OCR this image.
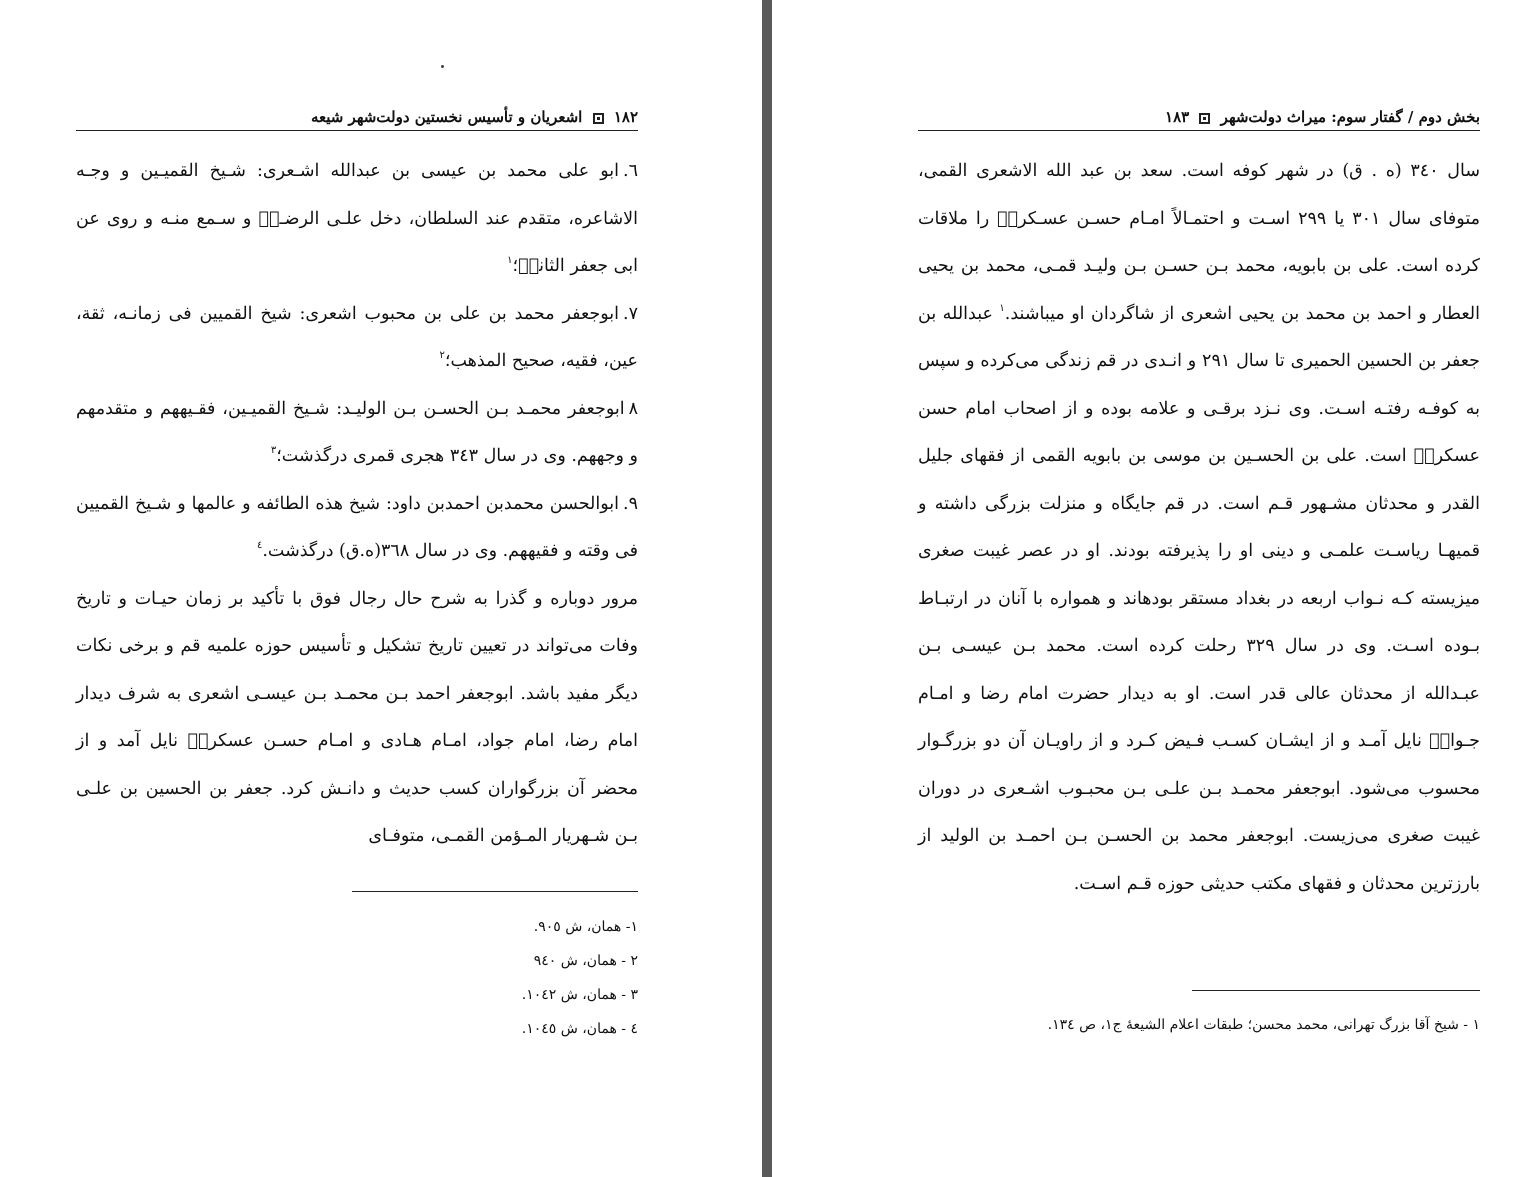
١٨٢  اشعریان و تأسیس نخستین دولت‌شهر شیعه

٦.ابو علی محمد بن عیسی بن عبدالله اشـعری: شـیخ القمیـین و وجـه الاشاعره، متقدم عند السلطان، دخل علـی الرضـاؑ و سـمع منـه و روی عن ابی جعفر الثانیؑ؛$^١$

٧.ابوجعفر محمد بن علی بن محبوب اشعری: شیخ القمیین فی زمانـه، ثقة، عین، فقیه، صحیح المذهب؛$^٢$

٨ابوجعفر محمـد بـن الحسـن بـن الولیـد: شـیخ القمیـین، فقـیههم و متقدمهم و وجههم. وی در سال ٣٤٣ هجری قمری درگذشت؛$^٣$

٩.ابوالحسن محمدبن احمدبن داود: شیخ هذه الطائفه و عالمها و شـیخ القمیین فی وقته و فقیههم. وی در سال ٣٦٨(ه.ق) درگذشت.$^٤$

مرور دوباره و گذرا به شرح حال رجال فوق با تأکید بر زمان حیـات و تاریخ وفات می‌تواند در تعیین تاریخ تشکیل و تأسیس حوزه علمیه قم و برخی نکات دیگر مفید باشد. ابوجعفر احمد بـن محمـد بـن عیسـی اشعری به شرف دیدار امام رضا، امام جواد، امـام هـادی و امـام حسـن عسکریؑ نایل آمد و از محضر آن بزرگواران کسب حدیث و دانـش کرد. جعفر بن الحسین بن علـی بـن شـهریار المـؤمن القمـی، متوفـای

١- همان، ش ٩٠٥.
٢ - همان، ش ٩٤٠
٣ - همان، ش ١٠٤٢.
٤ - همان، ش ١٠٤٥.
بخش دوم / گفتار سوم: میراث دولت‌شهر  ١٨٣

سال ٣٤٠ (ه . ق) در شهر کوفه است. سعد بن عبد الله الاشعری القمی، متوفای سال ٣٠١ یا ٢٩٩ اسـت و احتمـالاً امـام حسـن عسـکریؑ را ملاقات کرده است. علی بن بابویه، محمد بـن حسـن بـن ولیـد قمـی، محمد بن یحیی العطار و احمد بن محمد بن یحیی اشعری از شاگردان او میباشند.$^١$ عبدالله بن جعفر بن الحسین الحمیری تا سال ٢٩١ و انـدی در قم زندگی می‌کرده و سپس به کوفـه رفتـه اسـت. وی نـزد برقـی و علامه بوده و از اصحاب امام حسن عسکریؑ است. علی بن الحسـین بن موسی بن بابویه القمی از فقهای جلیل القدر و محدثان مشـهور قـم است. در قم جایگاه و منزلت بزرگی داشته و قمیهـا ریاسـت علمـی و دینی او را پذیرفته بودند. او در عصر غیبت صغری میزیسته کـه نـواب اربعه در بغداد مستقر بودهاند و همواره با آنان در ارتبـاط بـوده اسـت. وی در سال ٣٢٩ رحلت کرده است. محمد بـن عیسـی بـن عبـدالله از محدثان عالی قدر است. او به دیدار حضرت امام رضا و امـام جـوادؑ نایل آمـد و از ایشـان کسـب فـیض کـرد و از راویـان آن دو بزرگـوار محسوب می‌شود. ابوجعفر محمـد بـن علـی بـن محبـوب اشـعری در دوران غیبت صغری می‌زیست. ابوجعفر محمد بن الحسـن بـن احمـد بن الولید از بارزترین محدثان و فقهای مکتب حدیثی حوزه قـم اسـت.

١ - شیخ آقا بزرگ تهرانی، محمد محسن؛ طبقات اعلام الشیعهٔ ج١، ص ١٣٤.
